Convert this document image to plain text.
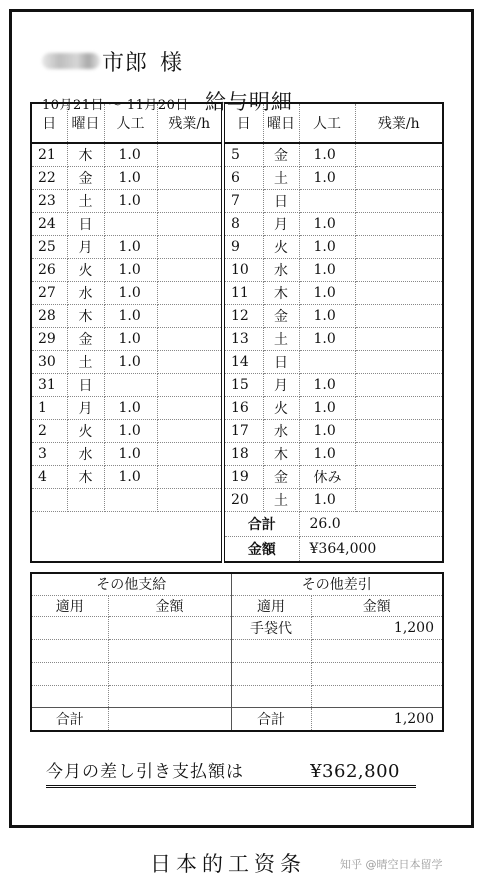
市郎 様
10月21日 ～ 11月20日 給与明細
日	曜日	人工	残業/h	日	曜日	人工	残業/h
21	木	1.0		5	金	1.0	
22	金	1.0		6	土	1.0	
23	土	1.0		7	日		
24	日			8	月	1.0	
25	月	1.0		9	火	1.0	
26	火	1.0		10	水	1.0	
27	水	1.0		11	木	1.0	
28	木	1.0		12	金	1.0	
29	金	1.0		13	土	1.0	
30	土	1.0		14	日		
31	日			15	月	1.0	
1	月	1.0		16	火	1.0	
2	火	1.0		17	水	1.0	
3	水	1.0		18	木	1.0	
4	木	1.0		19	金	休み	
				20	土	1.0	
				合計		26.0	
				金額		¥364,000	
その他支給		その他差引	
適用	金額	適用	金額
		手袋代	1,200

合計		合計	1,200
今月の差し引き支払額は	¥362,800
日本的工资条	知乎 @晴空日本留学
